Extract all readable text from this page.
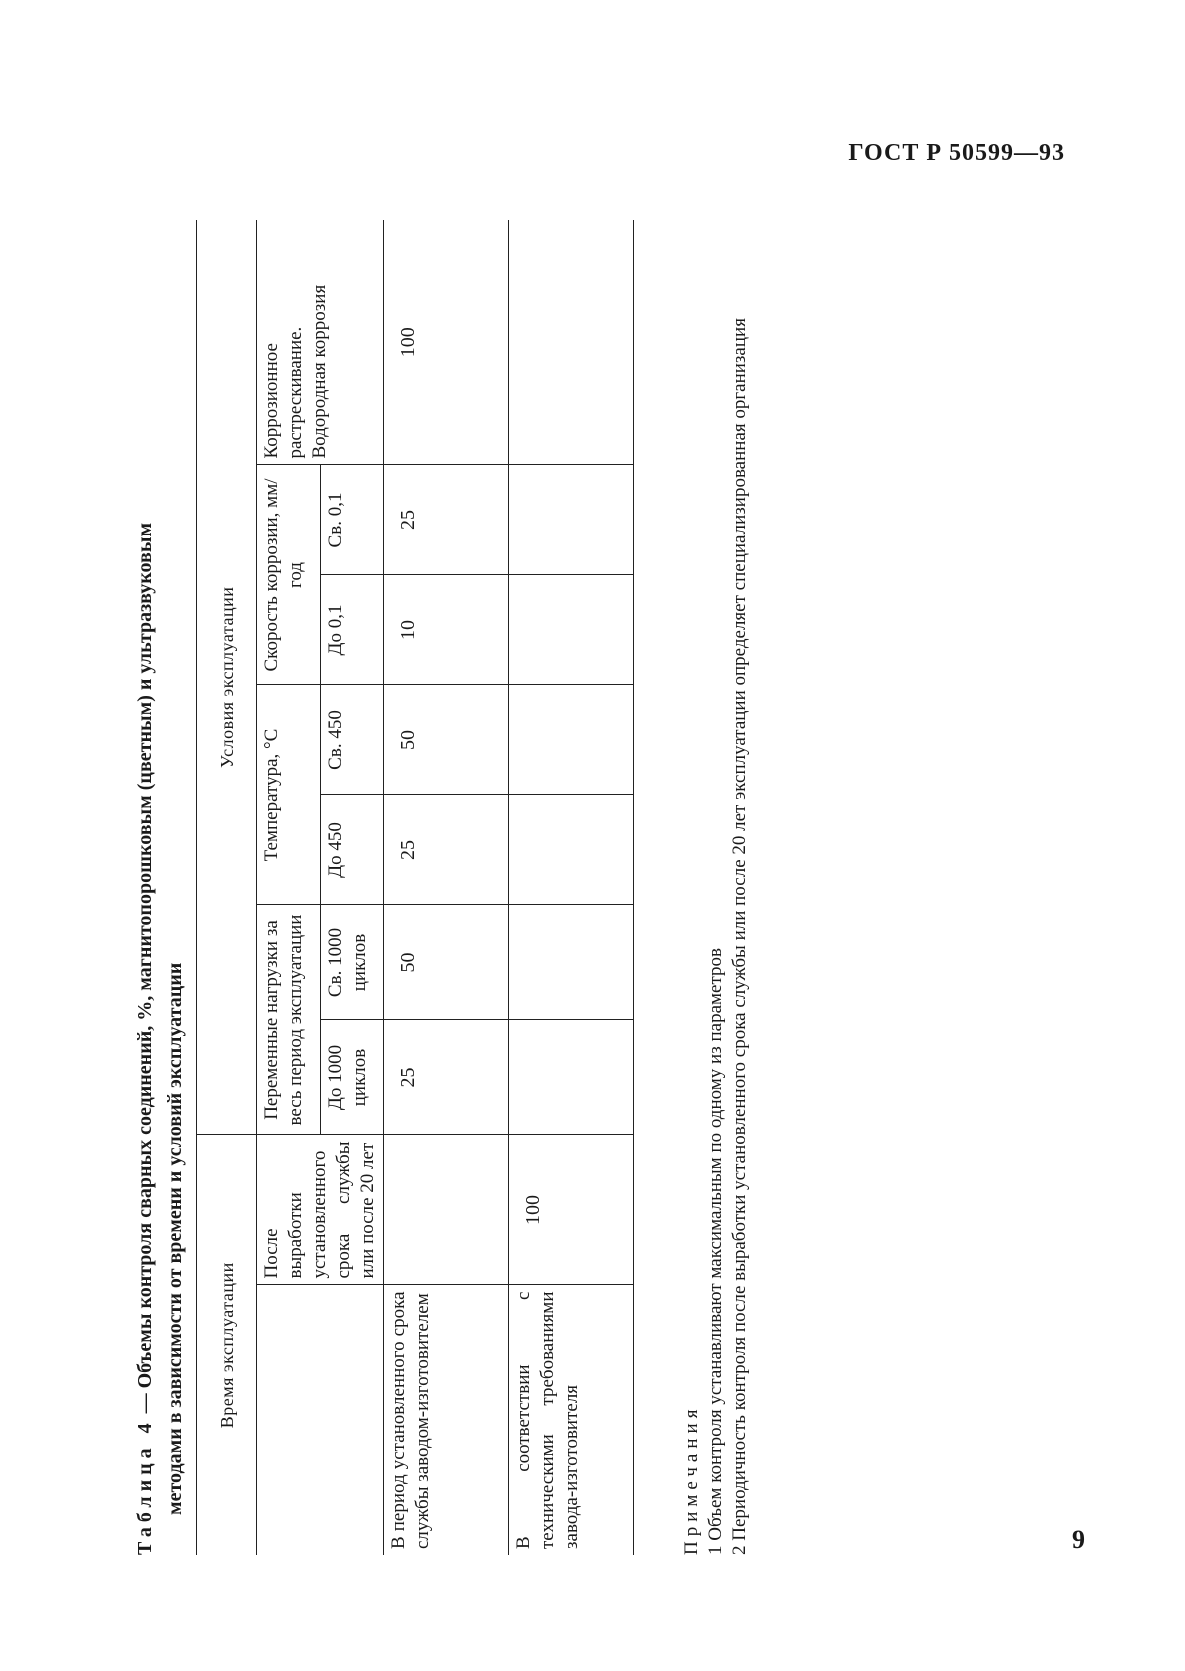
ГОСТ Р 50599—93
Таблица 4 — Объемы контроля сварных соединений, %, магнитопорошковым (цветным) и ультразвуковым методами в зависимости от времени и условий эксплуатации Время эксплуатации		Условия эксплуатации						
	После выработки установленного срока службы или после 20 лет	Переменные нагрузки за весь период эксплуатации		Температура, °С		Скорость коррозии, мм/год		Коррозионное растрескивание. Водородная коррозия
		До 1000 циклов	Св. 1000 циклов	До 450	Св. 450	До 0,1	Св. 0,1	
В период установленного срока службы заводом-изготовителем		25	50	25	50	10	25	100
В соответствии с техническими требованиями завода-изготовителя	100							

Примечания 1 Объем контроля устанавливают максимальным по одному из параметров 2 Периодичность контроля после выработки установленного срока службы или после 20 лет эксплуатации определяет специализированная организация	9
